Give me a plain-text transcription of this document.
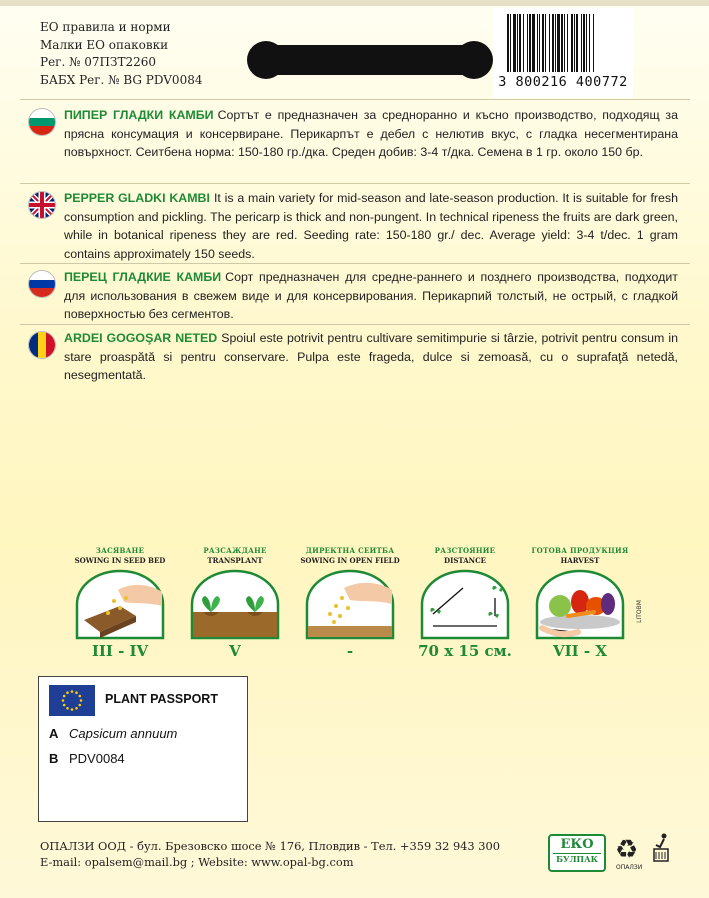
ЕО правила и норми
Малки ЕО опаковки
Рег. № 07ПЗТ2260
БАБХ Рег. № BG PDV0084	3 800216 400772
ПИПЕР ГЛАДКИ КАМБИ Сортът е предназначен за средноранно и късно производство, подходящ за прясна консумация и консервиране. Перикарпът е дебел с нелютив вкус, с гладка несегментирана повърхност. Сеитбена норма: 150-180 гр./дка. Среден добив: 3-4 т/дка. Семена в 1 гр. около 150 бр.
PEPPER GLADKI KAMBI It is a main variety for mid-season and late-season production. It is suitable for fresh consumption and pickling. The pericarp is thick and non-pungent. In technical ripeness the fruits are dark green, while in botanical ripeness they are red. Seeding rate: 150-180 gr./ dec. Average yield: 3-4 t/dec. 1 gram contains approximately 150 seeds.
ПЕРЕЦ ГЛАДКИЕ КАМБИ Сорт предназначен для средне-раннего и позднего производства, подходит для использования в свежем виде и для консервирования. Перикарпий толстый, не острый, с гладкой поверхностью без сегментов.
ARDEI GOGOŞAR NETED Spoiul este potrivit pentru cultivare semitimpurie si târzie, potrivit pentru consum in stare proaspătă si pentru conservare. Pulpa este frageda, dulce si zemoasă, cu o suprafaţă netedă, nesegmentată.
ЗАСЯВАНЕ
SOWING IN SEED BED
III - IV
РАЗСАЖДАНЕ
TRANSPLANT
V
ДИРЕКТНА СЕИТБА
SOWING IN OPEN FIELD
-
РАЗСТОЯНИЕ
DISTANCE
70 x 15 см.
ГОТОВА ПРОДУКЦИЯ
HARVEST
VII - X
LITOBM
PLANT PASSPORT
A Capsicum annuum
B PDV0084
ОПАЛЗИ ООД - бул. Брезовско шосе № 176, Пловдив - Тел. +359 32 943 300
E-mail: opalsem@mail.bg ; Website: www.opal-bg.com
ЕКО
БУЛПАК ♻
ОПАЛЗИ
